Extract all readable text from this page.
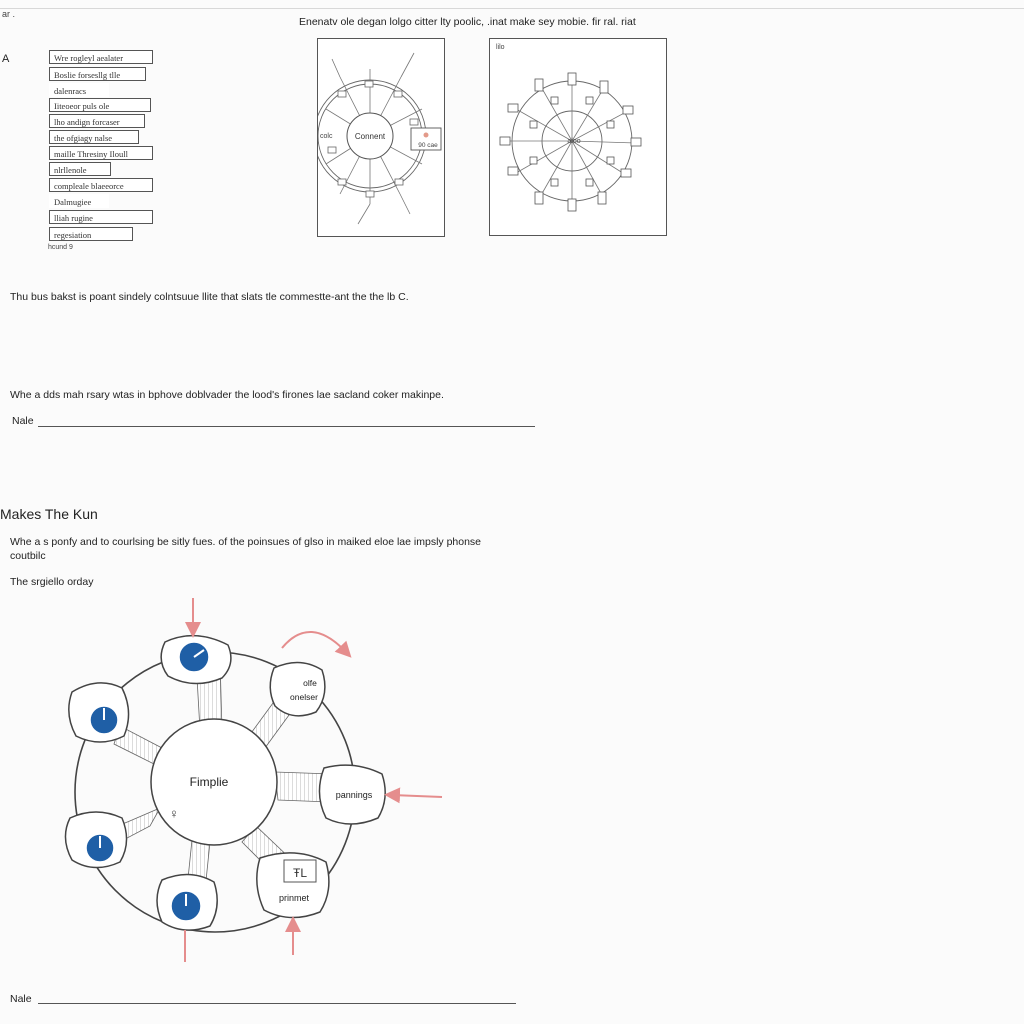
ar .
A
Enenatv ole degan lolgo citter lty poolic, .inat make sey mobie. fir ral. riat
Wre rogleyl aealater
Boslie forsesllg tlle
dalenracs
Iiteoeor puls ole
lho andign forcaser
the ofgiagy nalse
maille Thresiny Iloull
nlrllenole
compleale blaeeorce
Dalmugiee
lliah rugine
regesiation
hcund 9
Connent
colc
90 cae
lilo
aloo
Thu bus bakst is poant sindely colntsuue llite that slats tle commestte-ant the the lb C.
Whe a dds mah rsary wtas in bphove doblvader the lood's firones lae sacland coker makinpe.
Nale
Makes The Kun
Whe a s ponfy and to courlsing be sitly fues. of the poinsues of glso in maiked eloe lae impsly phonse
coutbilc
The srgiello orday
Fimplie
♀
ŦL
olfe
onelser
pannings
prinmet
Nale
